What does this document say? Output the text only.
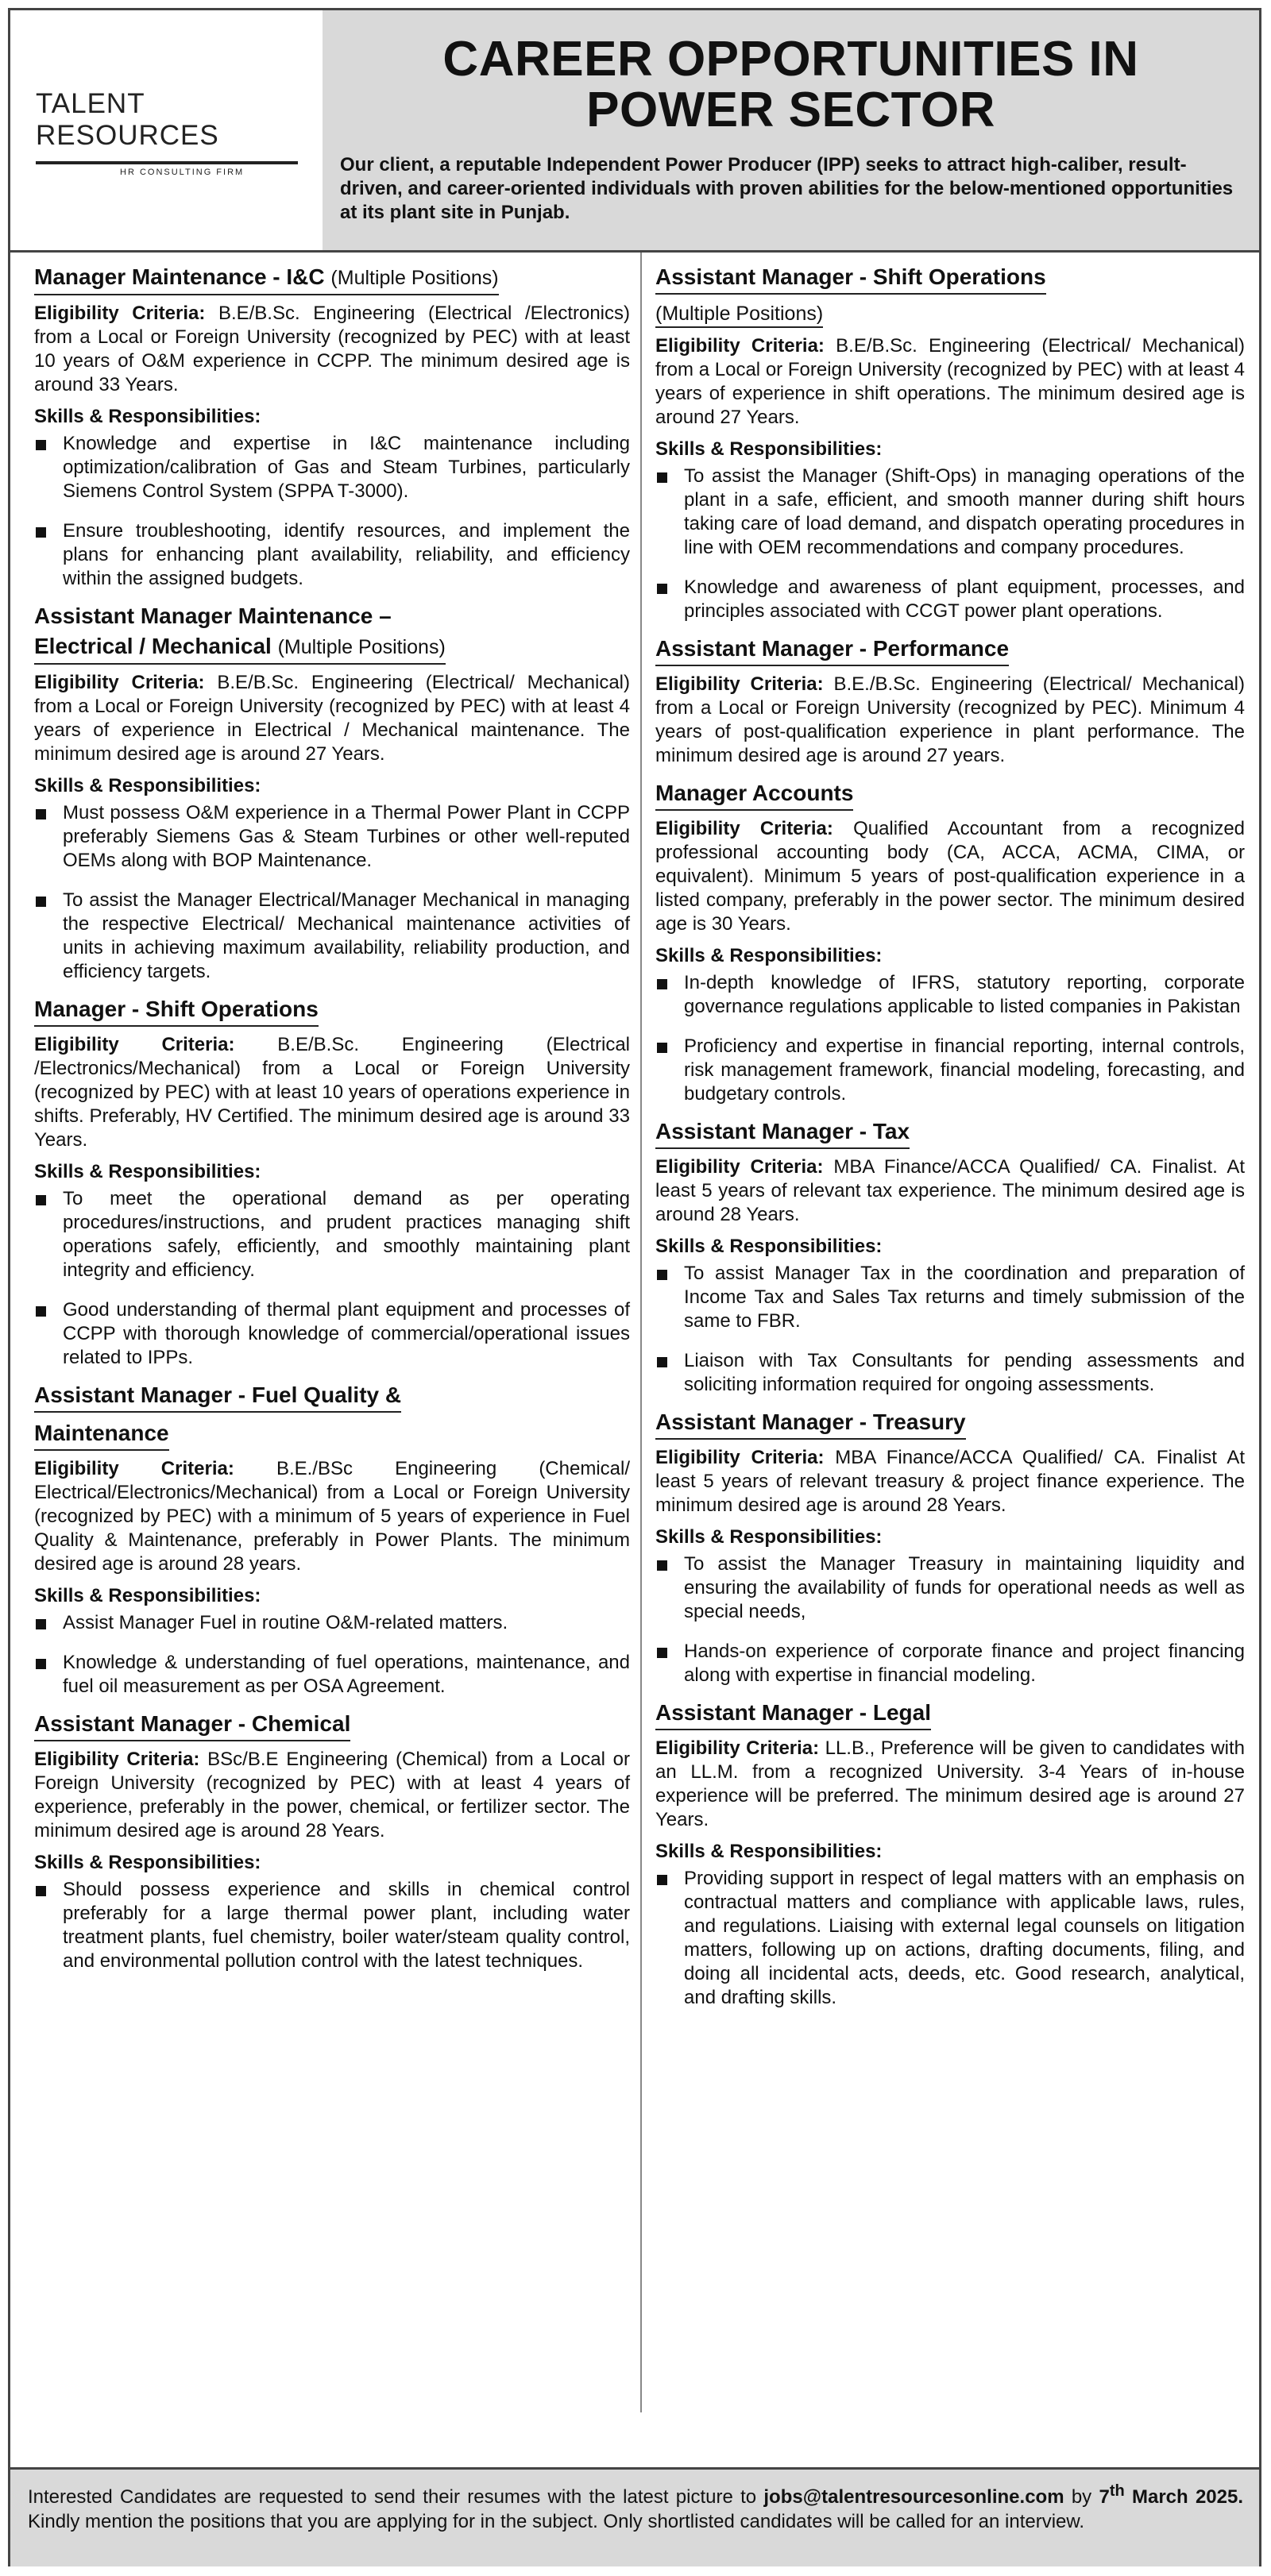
TALENT
RESOURCES
HR CONSULTING FIRM
CAREER OPPORTUNITIES IN
POWER SECTOR
Our client, a reputable Independent Power Producer (IPP) seeks to attract high-caliber, result-driven, and career-oriented individuals with proven abilities for the below-mentioned opportunities at its plant site in Punjab.
Manager Maintenance - I&C (Multiple Positions)

Eligibility Criteria: B.E/B.Sc. Engineering (Electrical /Electronics) from a Local or Foreign University (recognized by PEC) with at least 10 years of O&M experience in CCPP. The minimum desired age is around 33 Years.

Skills & Responsibilities:
Knowledge and expertise in I&C maintenance including optimization/calibration of Gas and Steam Turbines, particularly Siemens Control System (SPPA T-3000).
Ensure troubleshooting, identify resources, and implement the plans for enhancing plant availability, reliability, and efficiency within the assigned budgets.
Assistant Manager Maintenance –
Electrical / Mechanical (Multiple Positions)

Eligibility Criteria: B.E/B.Sc. Engineering (Electrical/ Mechanical) from a Local or Foreign University (recognized by PEC) with at least 4 years of experience in Electrical / Mechanical maintenance. The minimum desired age is around 27 Years.

Skills & Responsibilities:
Must possess O&M experience in a Thermal Power Plant in CCPP preferably Siemens Gas & Steam Turbines or other well-reputed OEMs along with BOP Maintenance.
To assist the Manager Electrical/Manager Mechanical in managing the respective Electrical/ Mechanical maintenance activities of units in achieving maximum availability, reliability production, and efficiency targets.
Manager - Shift Operations

Eligibility Criteria: B.E/B.Sc. Engineering (Electrical /Electronics/Mechanical) from a Local or Foreign University (recognized by PEC) with at least 10 years of operations experience in shifts. Preferably, HV Certified. The minimum desired age is around 33 Years.

Skills & Responsibilities:
To meet the operational demand as per operating procedures/instructions, and prudent practices managing shift operations safely, efficiently, and smoothly maintaining plant integrity and efficiency.
Good understanding of thermal plant equipment and processes of CCPP with thorough knowledge of commercial/operational issues related to IPPs.
Assistant Manager - Fuel Quality &
Maintenance

Eligibility Criteria: B.E./BSc Engineering (Chemical/ Electrical/Electronics/Mechanical) from a Local or Foreign University (recognized by PEC) with a minimum of 5 years of experience in Fuel Quality & Maintenance, preferably in Power Plants. The minimum desired age is around 28 years.

Skills & Responsibilities:
Assist Manager Fuel in routine O&M-related matters.
Knowledge & understanding of fuel operations, maintenance, and fuel oil measurement as per OSA Agreement.
Assistant Manager - Chemical

Eligibility Criteria: BSc/B.E Engineering (Chemical) from a Local or Foreign University (recognized by PEC) with at least 4 years of experience, preferably in the power, chemical, or fertilizer sector. The minimum desired age is around 28 Years.

Skills & Responsibilities:
Should possess experience and skills in chemical control preferably for a large thermal power plant, including water treatment plants, fuel chemistry, boiler water/steam quality control, and environmental pollution control with the latest techniques.
Assistant Manager - Shift Operations
(Multiple Positions)

Eligibility Criteria: B.E/B.Sc. Engineering (Electrical/ Mechanical) from a Local or Foreign University (recognized by PEC) with at least 4 years of experience in shift operations. The minimum desired age is around 27 Years.

Skills & Responsibilities:
To assist the Manager (Shift-Ops) in managing operations of the plant in a safe, efficient, and smooth manner during shift hours taking care of load demand, and dispatch operating procedures in line with OEM recommendations and company procedures.
Knowledge and awareness of plant equipment, processes, and principles associated with CCGT power plant operations.
Assistant Manager - Performance

Eligibility Criteria: B.E./B.Sc. Engineering (Electrical/ Mechanical) from a Local or Foreign University (recognized by PEC). Minimum 4 years of post-qualification experience in plant performance. The minimum desired age is around 27 years.

Manager Accounts

Eligibility Criteria: Qualified Accountant from a recognized professional accounting body (CA, ACCA, ACMA, CIMA, or equivalent). Minimum 5 years of post-qualification experience in a listed company, preferably in the power sector. The minimum desired age is 30 Years.

Skills & Responsibilities:
In-depth knowledge of IFRS, statutory reporting, corporate governance regulations applicable to listed companies in Pakistan
Proficiency and expertise in financial reporting, internal controls, risk management framework, financial modeling, forecasting, and budgetary controls.
Assistant Manager - Tax

Eligibility Criteria: MBA Finance/ACCA Qualified/ CA. Finalist. At least 5 years of relevant tax experience. The minimum desired age is around 28 Years.

Skills & Responsibilities:
To assist Manager Tax in the coordination and preparation of Income Tax and Sales Tax returns and timely submission of the same to FBR.
Liaison with Tax Consultants for pending assessments and soliciting information required for ongoing assessments.
Assistant Manager - Treasury

Eligibility Criteria: MBA Finance/ACCA Qualified/ CA. Finalist At least 5 years of relevant treasury & project finance experience. The minimum desired age is around 28 Years.

Skills & Responsibilities:
To assist the Manager Treasury in maintaining liquidity and ensuring the availability of funds for operational needs as well as special needs,
Hands-on experience of corporate finance and project financing along with expertise in financial modeling.
Assistant Manager - Legal

Eligibility Criteria: LL.B., Preference will be given to candidates with an LL.M. from a recognized University. 3-4 Years of in-house experience will be preferred. The minimum desired age is around 27 Years.

Skills & Responsibilities:
Providing support in respect of legal matters with an emphasis on contractual matters and compliance with applicable laws, rules, and regulations. Liaising with external legal counsels on litigation matters, following up on actions, drafting documents, filing, and doing all incidental acts, deeds, etc. Good research, analytical, and drafting skills.
Interested Candidates are requested to send their resumes with the latest picture to jobs@talentresourcesonline.com by 7th March 2025. Kindly mention the positions that you are applying for in the subject. Only shortlisted candidates will be called for an interview.
